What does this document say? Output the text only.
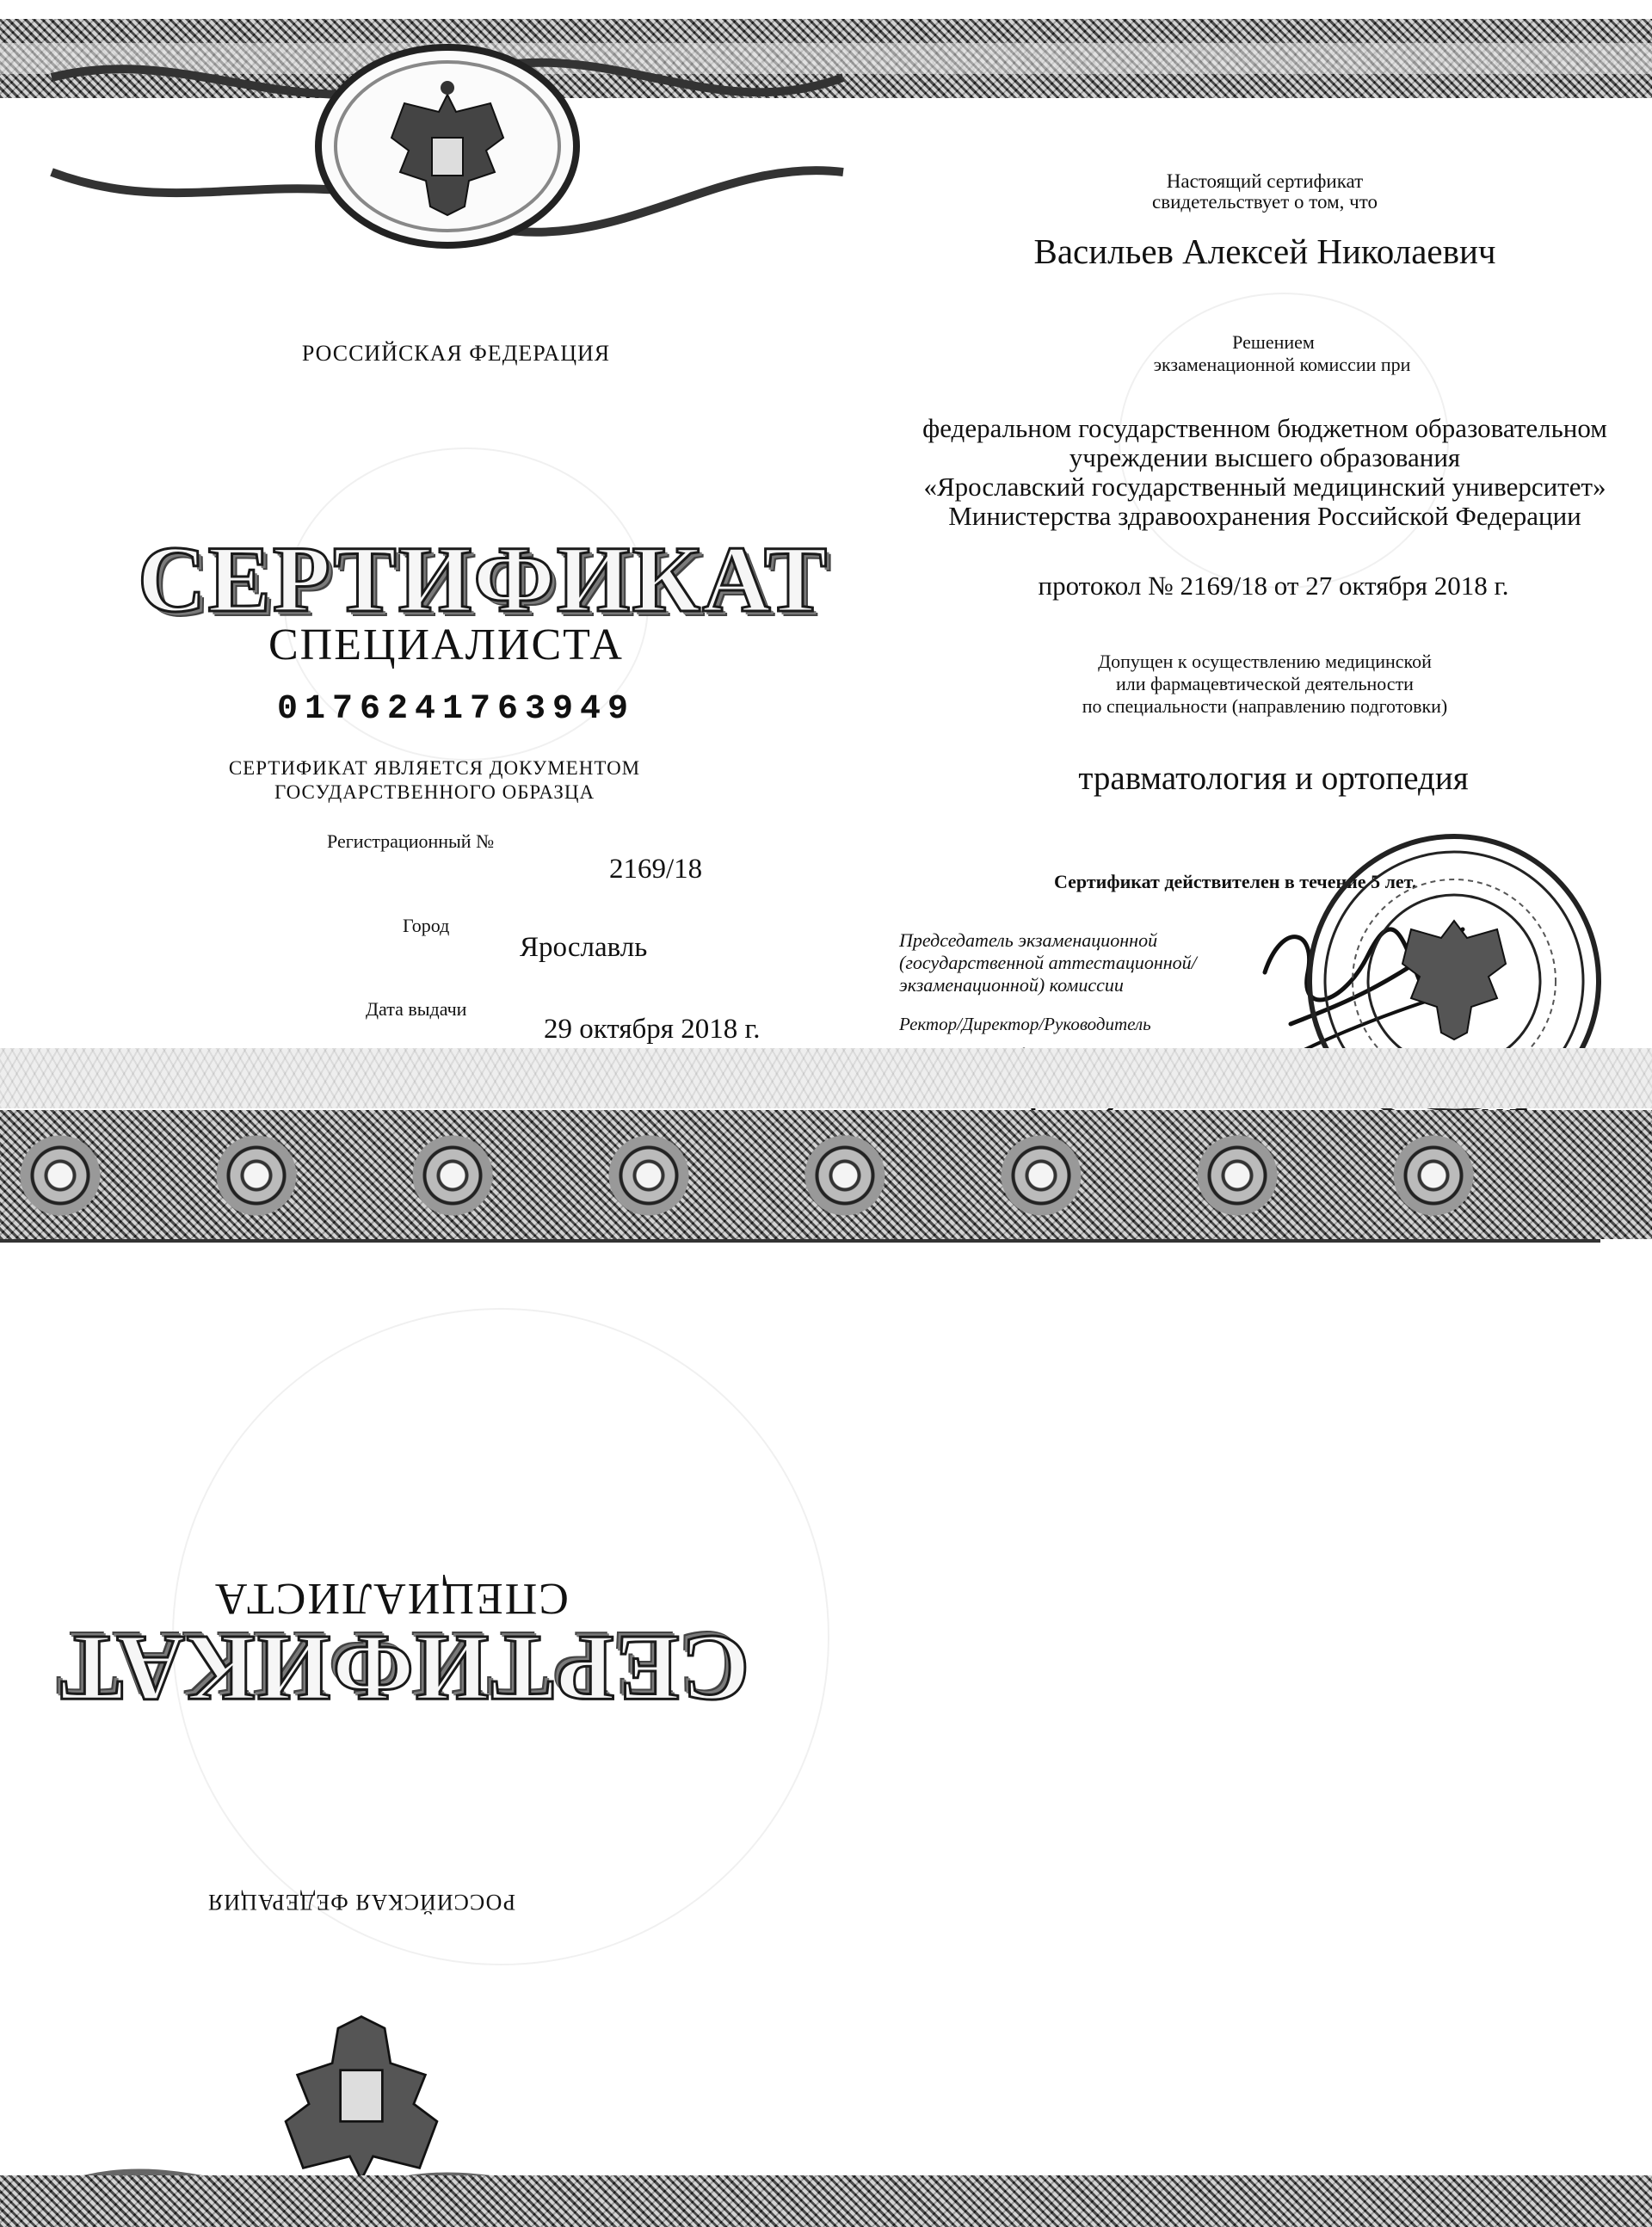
РОССИЙСКАЯ ФЕДЕРАЦИЯ
СЕРТИФИКАТ
СПЕЦИАЛИСТА
0176241763949
СЕРТИФИКАТ ЯВЛЯЕТСЯ ДОКУМЕНТОМ
ГОСУДАРСТВЕННОГО ОБРАЗЦА
Регистрационный №
2169/18
Город
Ярославль
Дата выдачи
29 октября 2018 г.
Настоящий сертификат
свидетельствует о том, что
Васильев Алексей Николаевич
Решением
экзаменационной комиссии при
федеральном государственном бюджетном образовательном
учреждении высшего образования
«Ярославский государственный медицинский университет»
Министерства здравоохранения Российской Федерации
протокол № 2169/18 от 27 октября 2018 г.
Допущен к осуществлению медицинской
или фармацевтической деятельности
по специальности (направлению подготовки)
травматология и ортопедия
Сертификат действителен в течение 5 лет.
Председатель экзаменационной
(государственной аттестационной/
экзаменационной) комиссии
Ректор/Директор/Руководитель
СПЕЦИАЛИСТА
СЕРТИФИКАТ
РОССИЙСКАЯ ФЕДЕРАЦИЯ
